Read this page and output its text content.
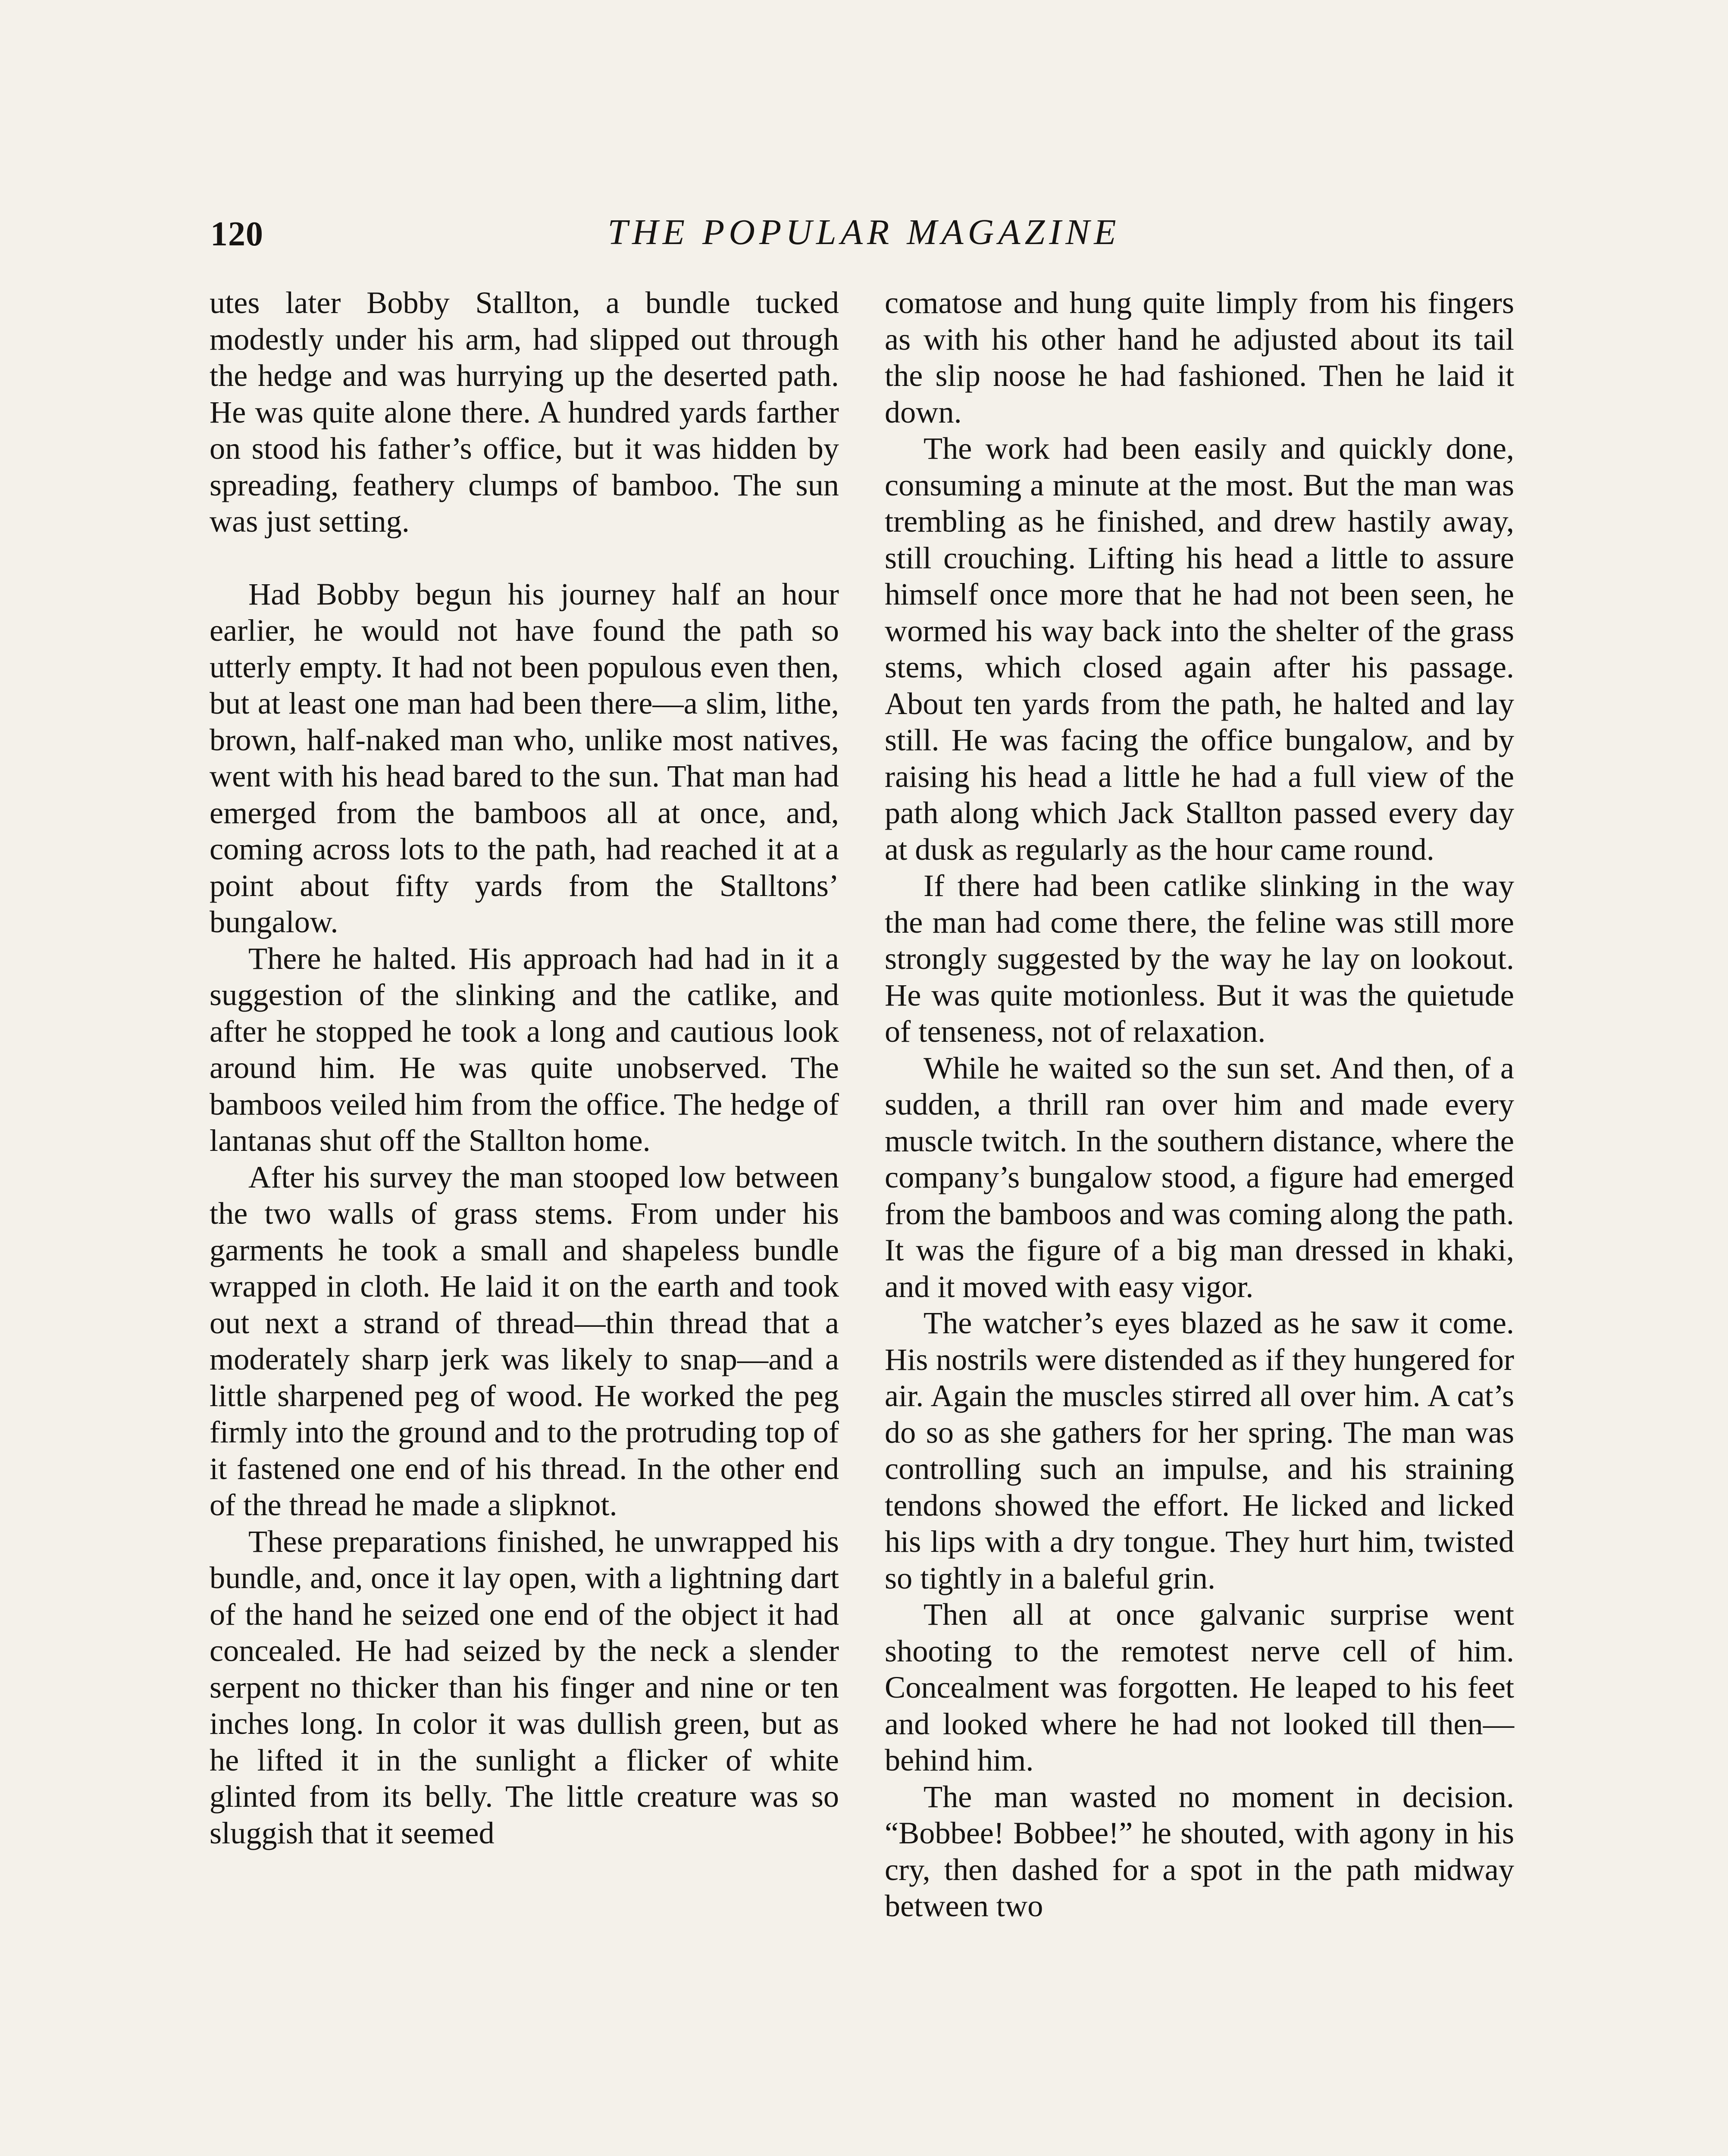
120	THE POPULAR MAGAZINE

utes later Bobby Stallton, a bundle tucked modestly under his arm, had slipped out through the hedge and was hurrying up the deserted path. He was quite alone there. A hundred yards farther on stood his father’s office, but it was hidden by spreading, feathery clumps of bamboo. The sun was just setting.

Had Bobby begun his journey half an hour earlier, he would not have found the path so utterly empty. It had not been populous even then, but at least one man had been there—a slim, lithe, brown, half-naked man who, unlike most natives, went with his head bared to the sun. That man had emerged from the bamboos all at once, and, coming across lots to the path, had reached it at a point about fifty yards from the Stalltons’ bungalow.

There he halted. His approach had had in it a suggestion of the slinking and the catlike, and after he stopped he took a long and cautious look around him. He was quite unobserved. The bamboos veiled him from the office. The hedge of lantanas shut off the Stallton home.

After his survey the man stooped low between the two walls of grass stems. From under his garments he took a small and shapeless bundle wrapped in cloth. He laid it on the earth and took out next a strand of thread—thin thread that a moderately sharp jerk was likely to snap—and a little sharpened peg of wood. He worked the peg firmly into the ground and to the protruding top of it fastened one end of his thread. In the other end of the thread he made a slipknot.

These preparations finished, he unwrapped his bundle, and, once it lay open, with a lightning dart of the hand he seized one end of the object it had concealed. He had seized by the neck a slender serpent no thicker than his finger and nine or ten inches long. In color it was dullish green, but as he lifted it in the sunlight a flicker of white glinted from its belly. The little creature was so sluggish that it seemed

comatose and hung quite limply from his fingers as with his other hand he adjusted about its tail the slip noose he had fashioned. Then he laid it down.

The work had been easily and quickly done, consuming a minute at the most. But the man was trembling as he finished, and drew hastily away, still crouching. Lifting his head a little to assure himself once more that he had not been seen, he wormed his way back into the shelter of the grass stems, which closed again after his passage. About ten yards from the path, he halted and lay still. He was facing the office bungalow, and by raising his head a little he had a full view of the path along which Jack Stallton passed every day at dusk as regularly as the hour came round.

If there had been catlike slinking in the way the man had come there, the feline was still more strongly suggested by the way he lay on lookout. He was quite motionless. But it was the quietude of tenseness, not of relaxation.

While he waited so the sun set. And then, of a sudden, a thrill ran over him and made every muscle twitch. In the southern distance, where the company’s bungalow stood, a figure had emerged from the bamboos and was coming along the path. It was the figure of a big man dressed in khaki, and it moved with easy vigor.

The watcher’s eyes blazed as he saw it come. His nostrils were distended as if they hungered for air. Again the muscles stirred all over him. A cat’s do so as she gathers for her spring. The man was controlling such an impulse, and his straining tendons showed the effort. He licked and licked his lips with a dry tongue. They hurt him, twisted so tightly in a baleful grin.

Then all at once galvanic surprise went shooting to the remotest nerve cell of him. Concealment was forgotten. He leaped to his feet and looked where he had not looked till then—behind him.

The man wasted no moment in decision. “Bobbee! Bobbee!” he shouted, with agony in his cry, then dashed for a spot in the path midway between two
